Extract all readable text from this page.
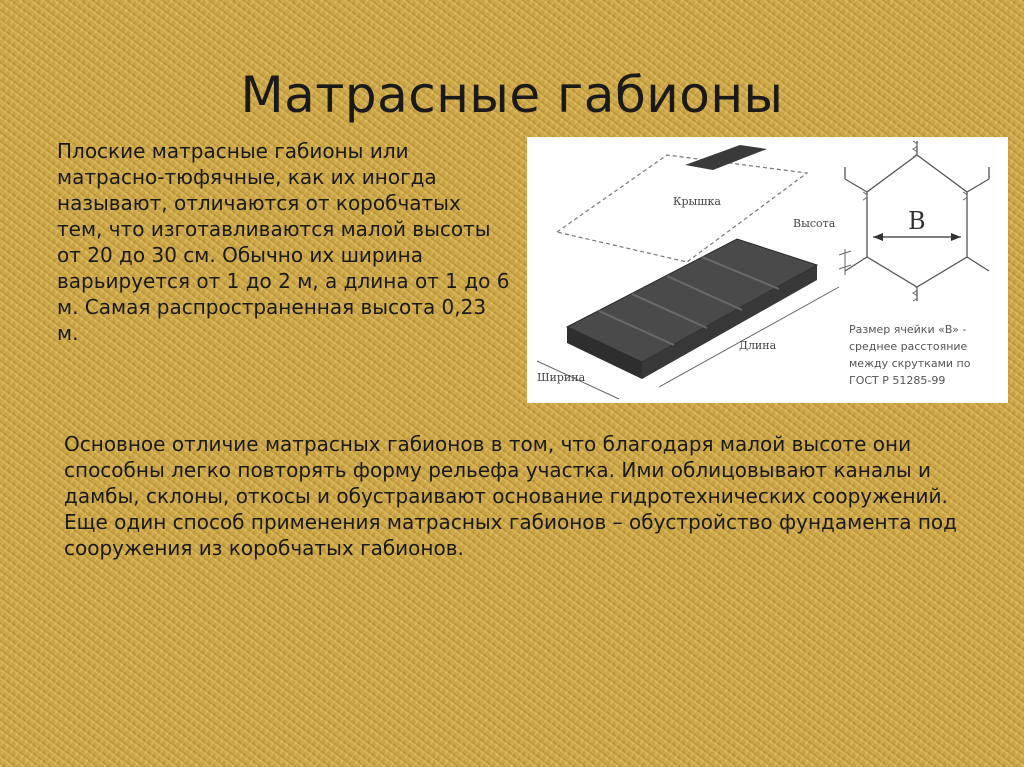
Матрасные габионы

Плоские матрасные габионы или матрасно-тюфячные, как их иногда называют, отличаются от коробчатых тем, что изготавливаются малой высоты от 20 до 30 см. Обычно их ширина варьируется от 1 до 2 м, а длина от 1 до 6 м. Самая распространенная высота 0,23 м.

Крышка
Высота
Длина
Ширина
B
Размер ячейки «B» -
среднее расстояние
между скрутками по
ГОСТ Р 51285-99

Основное отличие матрасных габионов в том, что благодаря малой высоте они способны легко повторять форму рельефа участка. Ими облицовывают каналы и дамбы, склоны, откосы и обустраивают основание гидротехнических сооружений. Еще один способ применения матрасных габионов – обустройство фундамента под сооружения из коробчатых габионов.
